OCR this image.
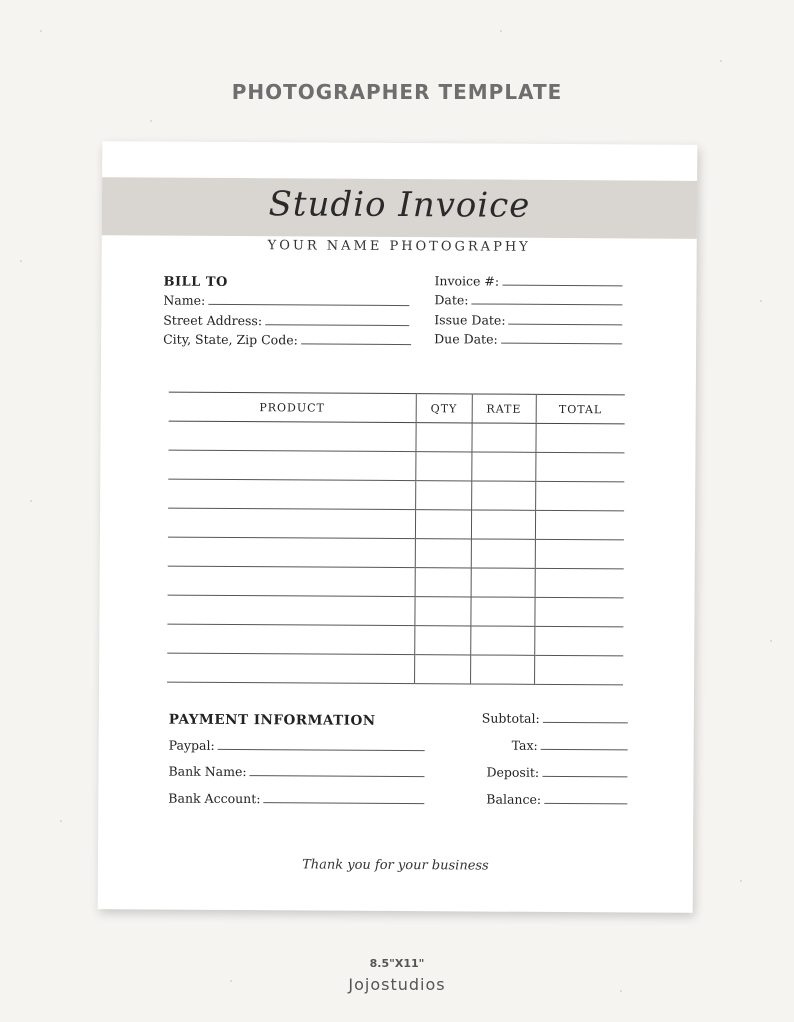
PHOTOGRAPHER TEMPLATE
Studio Invoice
YOUR NAME PHOTOGRAPHY
BILL TO
Name:
Street Address:
City, State, Zip Code:
Invoice #:
Date:
Issue Date:
Due Date:
PRODUCT	QTY	RATE	TOTAL

PAYMENT INFORMATION
Paypal:
Bank Name:
Bank Account:
Subtotal:
Tax:
Deposit:
Balance:
Thank you for your business
8.5"X11"
Jojostudios
